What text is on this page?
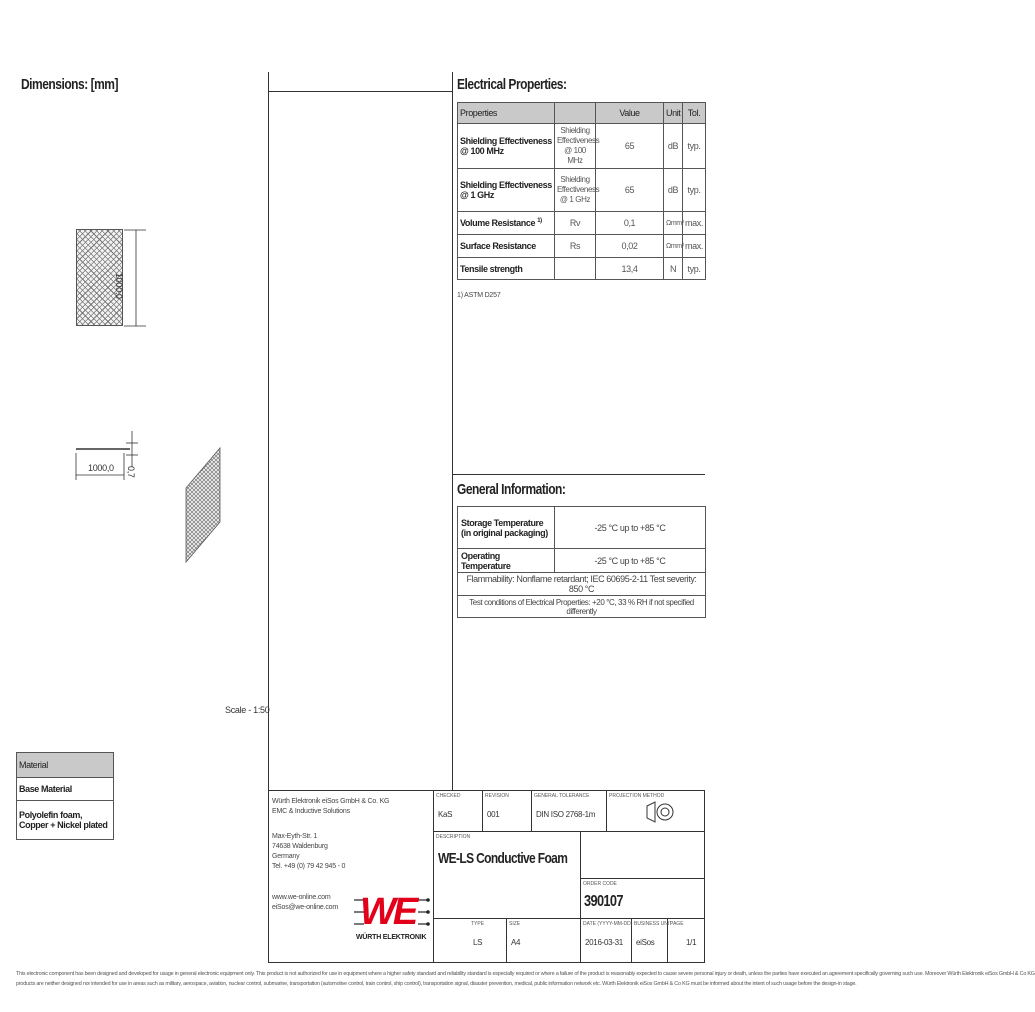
Dimensions: [mm]
1000,0
1000,0 0,7
Scale - 1:50
Material
Base Material
Polyolefin foam, Copper + Nickel plated
Electrical Properties:
Properties		Value	Unit	Tol.
Shielding Effectiveness @ 100 MHz	Shielding Effectiveness @ 100 MHz	65	dB	typ.
Shielding Effectiveness @ 1 GHz	Shielding Effectiveness @ 1 GHz	65	dB	typ.
Volume Resistance $^{1)}$	Rv	0,1	Ωmm²	max.
Surface Resistance	Rs	0,02	Ωmm²	max.
Tensile strength		13,4	N	typ.
1) ASTM D257
General Information:
Storage Temperature (in original packaging)	-25 °C up to +85 °C
Operating Temperature	-25 °C up to +85 °C
Flammability: Nonflame retardant; IEC 60695-2-11 Test severity: 850 °C	
Test conditions of Electrical Properties: +20 °C, 33 % RH if not specified differently	
Würth Elektronik eiSos GmbH & Co. KG
EMC & Inductive Solutions
Max-Eyth-Str. 1
74638 Waldenburg
Germany
Tel. +49 (0) 79 42 945 - 0
www.we-online.com
eiSos@we-online.com WE
WÜRTH ELEKTRONIK
CHECKED
KaS
REVISION
001
GENERAL TOLERANCE
DIN ISO 2768-1m
PROJECTION METHOD
DESCRIPTION
WE-LS Conductive Foam
ORDER CODE
390107
TYPE
LS
SIZE
A4
DATE (YYYY-MM-DD)
2016-03-31
BUSINESS UNIT
eiSos
PAGE
1/1
This electronic component has been designed and developed for usage in general electronic equipment only. This product is not authorized for use in equipment where a higher safety standard and reliability standard is especially required or where a failure of the product is reasonably expected to cause severe personal injury or death, unless the parties have executed an agreement specifically governing such use. Moreover Würth Elektronik eiSos GmbH & Co KG
products are neither designed nor intended for use in areas such as military, aerospace, aviation, nuclear control, submarine, transportation (automotive control, train control, ship control), transportation signal, disaster prevention, medical, public information network etc. Würth Elektronik eiSos GmbH & Co KG must be informed about the intent of such usage before the design-in stage.
